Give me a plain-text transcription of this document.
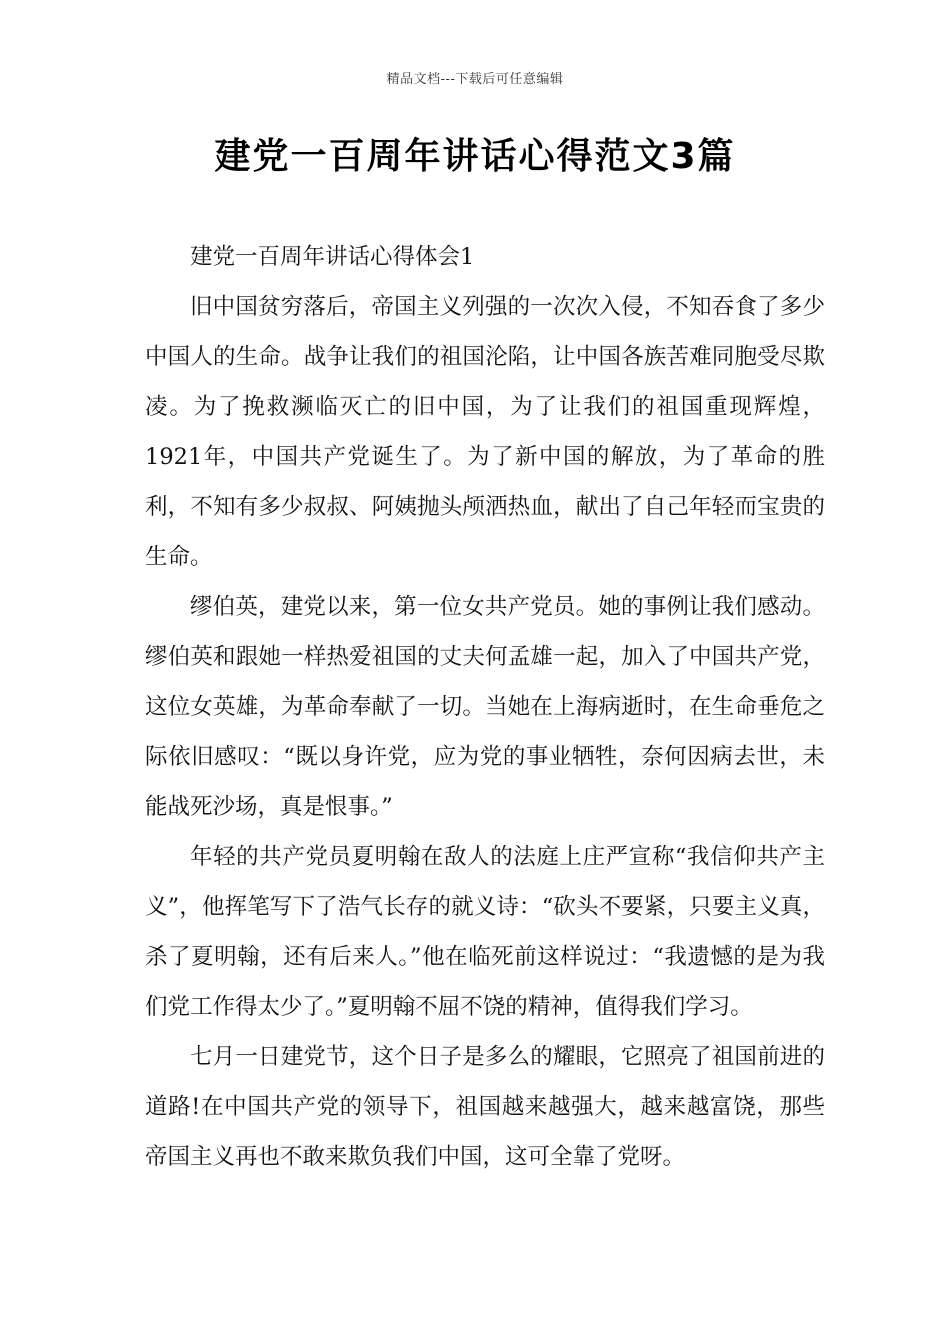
精品文档---下载后可任意编辑
建党一百周年讲话心得范文3篇

建党一百周年讲话心得体会1

旧中国贫穷落后，帝国主义列强的一次次入侵，不知吞食了多少中国人的生命。战争让我们的祖国沦陷，让中国各族苦难同胞受尽欺凌。为了挽救濒临灭亡的旧中国，为了让我们的祖国重现辉煌，1921年，中国共产党诞生了。为了新中国的解放，为了革命的胜利，不知有多少叔叔、阿姨抛头颅洒热血，献出了自己年轻而宝贵的生命。

缪伯英，建党以来，第一位女共产党员。她的事例让我们感动。缪伯英和跟她一样热爱祖国的丈夫何孟雄一起，加入了中国共产党，这位女英雄，为革命奉献了一切。当她在上海病逝时，在生命垂危之际依旧感叹：“既以身许党，应为党的事业牺牲，奈何因病去世，未能战死沙场，真是恨事。”

年轻的共产党员夏明翰在敌人的法庭上庄严宣称“我信仰共产主义”，他挥笔写下了浩气长存的就义诗：“砍头不要紧，只要主义真，杀了夏明翰，还有后来人。”他在临死前这样说过：“我遗憾的是为我们党工作得太少了。”夏明翰不屈不饶的精神，值得我们学习。

七月一日建党节，这个日子是多么的耀眼，它照亮了祖国前进的道路!在中国共产党的领导下，祖国越来越强大，越来越富饶，那些帝国主义再也不敢来欺负我们中国，这可全靠了党呀。
